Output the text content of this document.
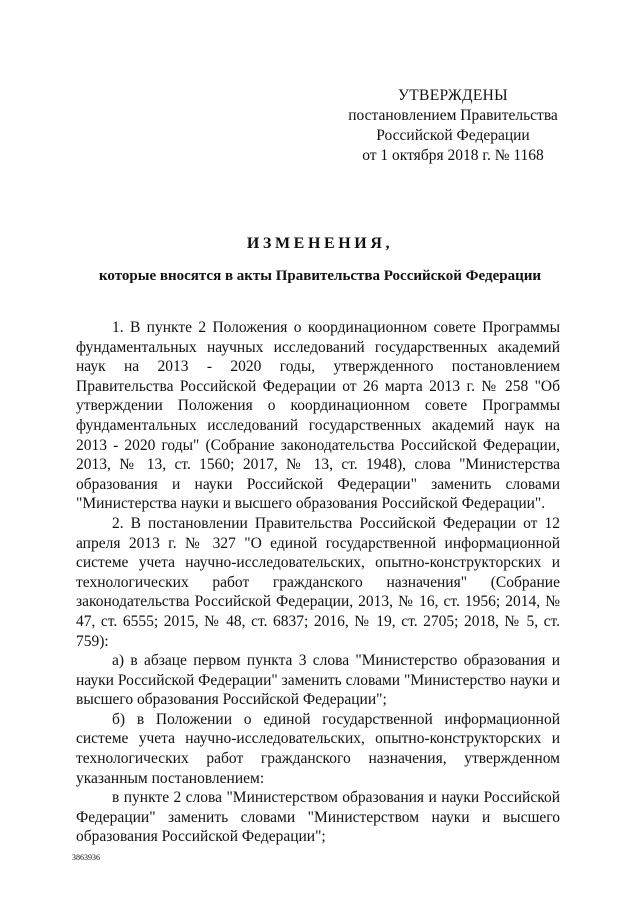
УТВЕРЖДЕНЫ
постановлением Правительства
Российской Федерации
от 1 октября 2018 г. № 1168
ИЗМЕНЕНИЯ,
которые вносятся в акты Правительства Российской Федерации

1. В пункте 2 Положения о координационном совете Программы фундаментальных научных исследований государственных академий наук на 2013 - 2020 годы, утвержденного постановлением Правительства Российской Федерации от 26 марта 2013 г. № 258 "Об утверждении Положения о координационном совете Программы фундаментальных исследований государственных академий наук на 2013 - 2020 годы" (Собрание законодательства Российской Федерации, 2013, № 13, ст. 1560; 2017, № 13, ст. 1948), слова "Министерства образования и науки Российской Федерации" заменить словами "Министерства науки и высшего образования Российской Федерации".

2. В постановлении Правительства Российской Федерации от 12 апреля 2013 г. № 327 "О единой государственной информационной системе учета научно-исследовательских, опытно-конструкторских и технологических работ гражданского назначения" (Собрание законодательства Российской Федерации, 2013, № 16, ст. 1956; 2014, № 47, ст. 6555; 2015, № 48, ст. 6837; 2016, № 19, ст. 2705; 2018, № 5, ст. 759):

а) в абзаце первом пункта 3 слова "Министерство образования и науки Российской Федерации" заменить словами "Министерство науки и высшего образования Российской Федерации";

б) в Положении о единой государственной информационной системе учета научно-исследовательских, опытно-конструкторских и технологических работ гражданского назначения, утвержденном указанным постановлением:

в пункте 2 слова "Министерством образования и науки Российской Федерации" заменить словами "Министерством науки и высшего образования Российской Федерации";

3863936
